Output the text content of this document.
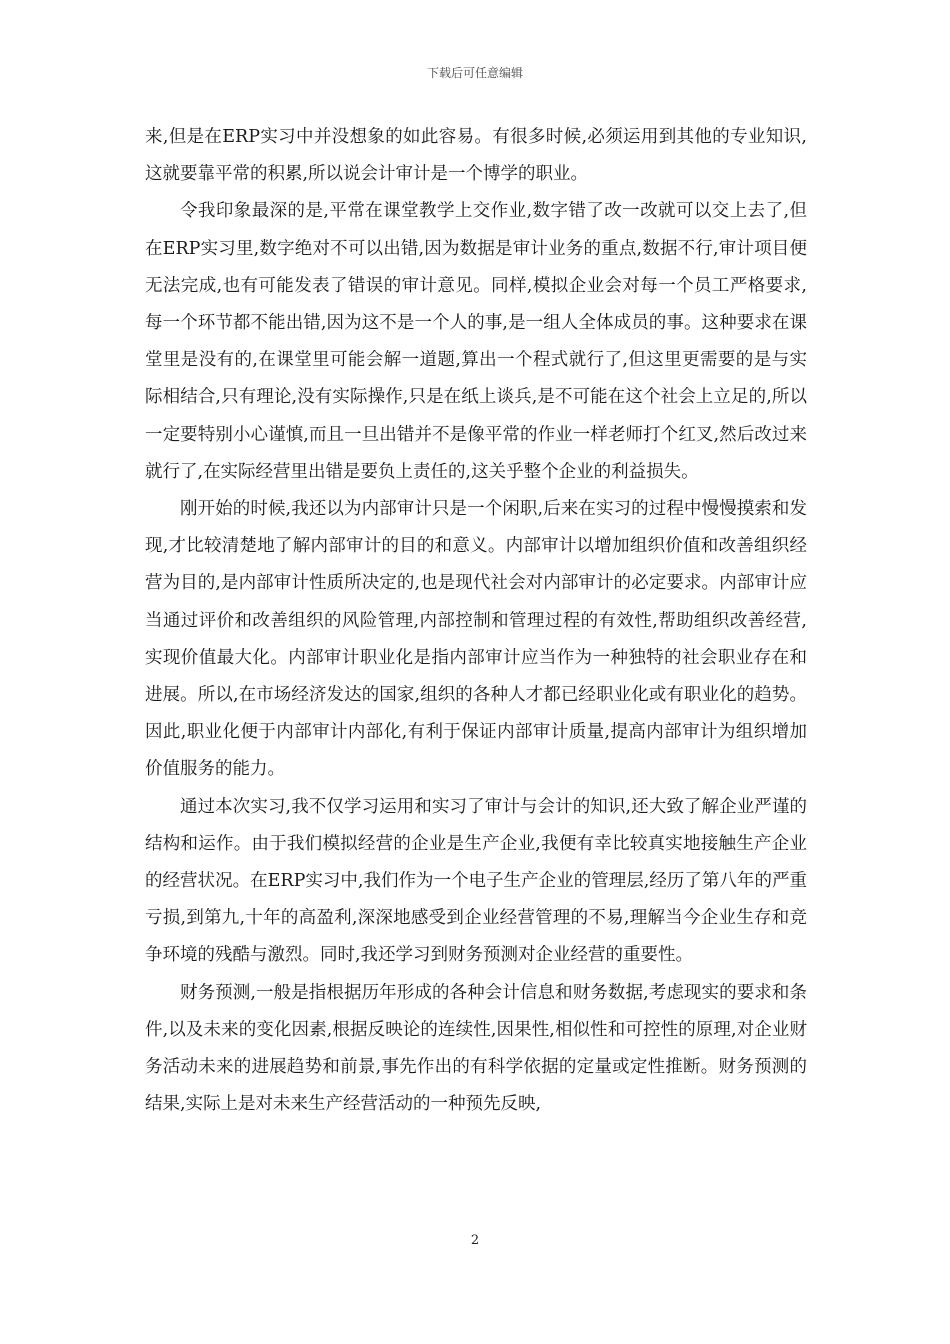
下载后可任意编辑

来,但是在ERP实习中并没想象的如此容易。有很多时候,必须运用到其他的专业知识,这就要靠平常的积累,所以说会计审计是一个博学的职业。

令我印象最深的是,平常在课堂教学上交作业,数字错了改一改就可以交上去了,但在ERP实习里,数字绝对不可以出错,因为数据是审计业务的重点,数据不行,审计项目便无法完成,也有可能发表了错误的审计意见。同样,模拟企业会对每一个员工严格要求,每一个环节都不能出错,因为这不是一个人的事,是一组人全体成员的事。这种要求在课堂里是没有的,在课堂里可能会解一道题,算出一个程式就行了,但这里更需要的是与实际相结合,只有理论,没有实际操作,只是在纸上谈兵,是不可能在这个社会上立足的,所以一定要特别小心谨慎,而且一旦出错并不是像平常的作业一样老师打个红叉,然后改过来就行了,在实际经营里出错是要负上责任的,这关乎整个企业的利益损失。

刚开始的时候,我还以为内部审计只是一个闲职,后来在实习的过程中慢慢摸索和发现,才比较清楚地了解内部审计的目的和意义。内部审计以增加组织价值和改善组织经营为目的,是内部审计性质所决定的,也是现代社会对内部审计的必定要求。内部审计应当通过评价和改善组织的风险管理,内部控制和管理过程的有效性,帮助组织改善经营,实现价值最大化。内部审计职业化是指内部审计应当作为一种独特的社会职业存在和进展。所以,在市场经济发达的国家,组织的各种人才都已经职业化或有职业化的趋势。因此,职业化便于内部审计内部化,有利于保证内部审计质量,提高内部审计为组织增加价值服务的能力。

通过本次实习,我不仅学习运用和实习了审计与会计的知识,还大致了解企业严谨的结构和运作。由于我们模拟经营的企业是生产企业,我便有幸比较真实地接触生产企业的经营状况。在ERP实习中,我们作为一个电子生产企业的管理层,经历了第八年的严重亏损,到第九,十年的高盈利,深深地感受到企业经营管理的不易,理解当今企业生存和竞争环境的残酷与激烈。同时,我还学习到财务预测对企业经营的重要性。

财务预测,一般是指根据历年形成的各种会计信息和财务数据,考虑现实的要求和条件,以及未来的变化因素,根据反映论的连续性,因果性,相似性和可控性的原理,对企业财务活动未来的进展趋势和前景,事先作出的有科学依据的定量或定性推断。财务预测的结果,实际上是对未来生产经营活动的一种预先反映,

2
